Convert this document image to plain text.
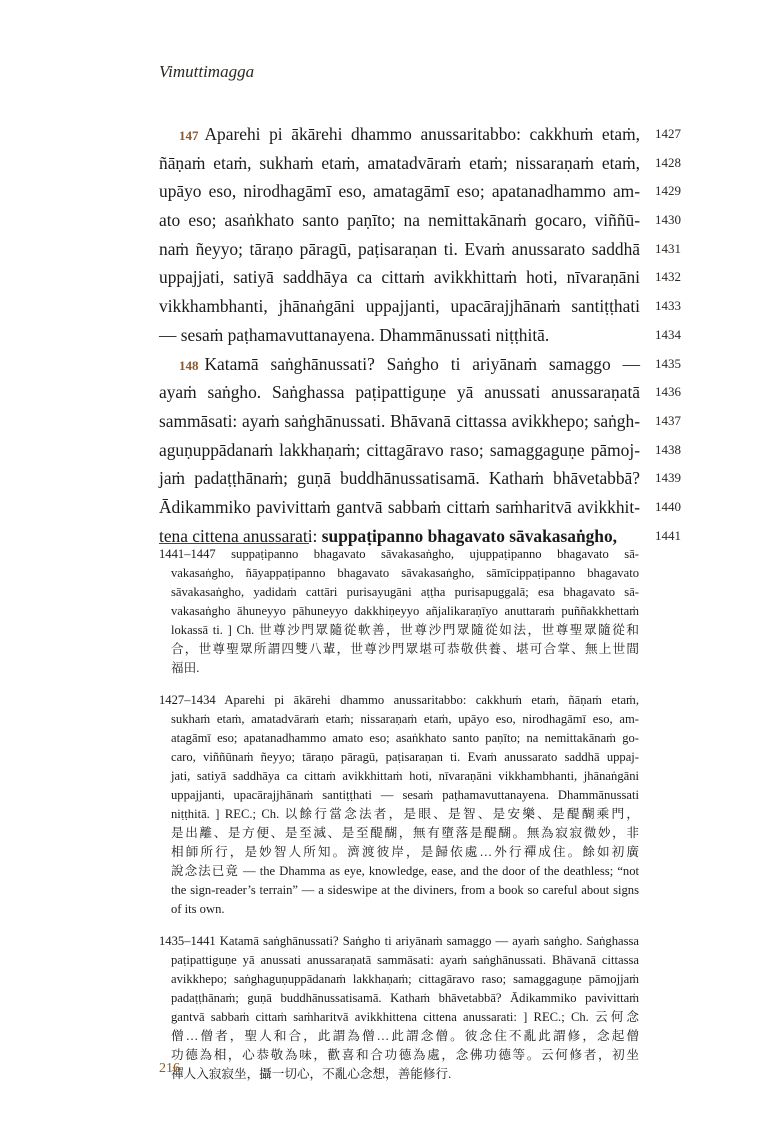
Vimuttimagga
147 Aparehi pi ākārehi dhammo anussaritabbo: cakkhuṁ etaṁ, 1427
ñāṇaṁ etaṁ, sukhaṁ etaṁ, amatadvāraṁ etaṁ; nissaraṇaṁ etaṁ, 1428
upāyo eso, nirodhagāmī eso, amatagāmī eso; apatanadhammo am- 1429
ato eso; asaṅkhato santo paṇīto; na nemittakānaṁ gocaro, viññū- 1430
naṁ ñeyyo; tāraṇo pāragū, paṭisaraṇan ti. Evaṁ anussarato saddhā 1431
uppajjati, satiyā saddhāya ca cittaṁ avikkhittaṁ hoti, nīvaraṇāni 1432
vikkhambhanti, jhānaṅgāni uppajjanti, upacārajjhānaṁ santiṭṭhati 1433
— sesaṁ paṭhamavuttanayena. Dhammānussati niṭṭhitā.	1434
148 Katamā saṅghānussati? Saṅgho ti ariyānaṁ samaggo — 1435
ayaṁ saṅgho. Saṅghassa paṭipattiguṇe yā anussati anussaraṇatā 1436
sammāsati: ayaṁ saṅghānussati. Bhāvanā cittassa avikkhepo; saṅgh- 1437
aguṇuppādanaṁ lakkhaṇaṁ; cittagāravo raso; samaggaguṇe pāmoj- 1438
jaṁ padaṭṭhānaṁ; guṇā buddhānussatisamā. Kathaṁ bhāvetabbā? 1439
Ādikammiko pavivittaṁ gantvā sabbaṁ cittaṁ saṁharitvā avikkhit- 1440
tena cittena anussarati: suppaṭipanno bhagavato sāvakasaṅgho,	1441
1441–1447 suppaṭipanno bhagavato sāvakasaṅgho, ujuppaṭipanno bhagavato sā-
vakasaṅgho, ñāyappaṭipanno bhagavato sāvakasaṅgho, sāmīcippaṭipanno bhagavato
sāvakasaṅgho, yadidaṁ cattāri purisayugāni aṭṭha purisapuggalā; esa bhagavato sā-
vakasaṅgho āhuneyyo pāhuneyyo dakkhiṇeyyo añjalikaraṇīyo anuttaraṁ puññakkhettaṁ
lokassā ti. ] Ch. 世尊沙門眾隨從軟善，世尊沙門眾隨從如法，世尊聖眾隨從和
合，世尊聖眾所謂四雙八輩，世尊沙門眾堪可恭敬供養、堪可合掌、無上世間
福田.
1427–1434 Aparehi pi ākārehi dhammo anussaritabbo: cakkhuṁ etaṁ, ñāṇaṁ etaṁ,
sukhaṁ etaṁ, amatadvāraṁ etaṁ; nissaraṇaṁ etaṁ, upāyo eso, nirodhagāmī eso, am-
atagāmī eso; apatanadhammo amato eso; asaṅkhato santo paṇīto; na nemittakānaṁ go-
caro, viññūnaṁ ñeyyo; tāraṇo pāragū, paṭisaraṇan ti. Evaṁ anussarato saddhā uppaj-
jati, satiyā saddhāya ca cittaṁ avikkhittaṁ hoti, nīvaraṇāni vikkhambhanti, jhānaṅgāni
uppajjanti, upacārajjhānaṁ santiṭṭhati — sesaṁ paṭhamavuttanayena. Dhammānussati
niṭṭhitā. ] REC.; Ch. 以餘行當念法者，是眼、是智、是安樂、是醍醐乘門，
是出離、是方便、是至滅、是至醍醐，無有墮落是醍醐。無為寂寂微妙，非
相師所行，是妙智人所知。濟渡彼岸，是歸依處…外行禪成住。餘如初廣
說念法已竟 — the Dhamma as eye, knowledge, ease, and the door of the deathless; “not
the sign-reader’s terrain” — a sideswipe at the diviners, from a book so careful about signs
of its own.
1435–1441 Katamā saṅghānussati? Saṅgho ti ariyānaṁ samaggo — ayaṁ saṅgho. Saṅghassa
paṭipattiguṇe yā anussati anussaraṇatā sammāsati: ayaṁ saṅghānussati. Bhāvanā cittassa
avikkhepo; saṅghaguṇuppādanaṁ lakkhaṇaṁ; cittagāravo raso; samaggaguṇe pāmojjaṁ
padaṭṭhānaṁ; guṇā buddhānussatisamā. Kathaṁ bhāvetabbā? Ādikammiko pavivittaṁ
gantvā sabbaṁ cittaṁ saṁharitvā avikkhittena cittena anussarati: ] REC.; Ch. 云何念
僧…僧者，聖人和合，此謂為僧…此謂念僧。彼念住不亂此謂修，念起僧
功德為相，心恭敬為味，歡喜和合功德為處，念佛功德等。云何修者，初坐
禪人入寂寂坐，攝一切心，不亂心念想，善能修行.
216
